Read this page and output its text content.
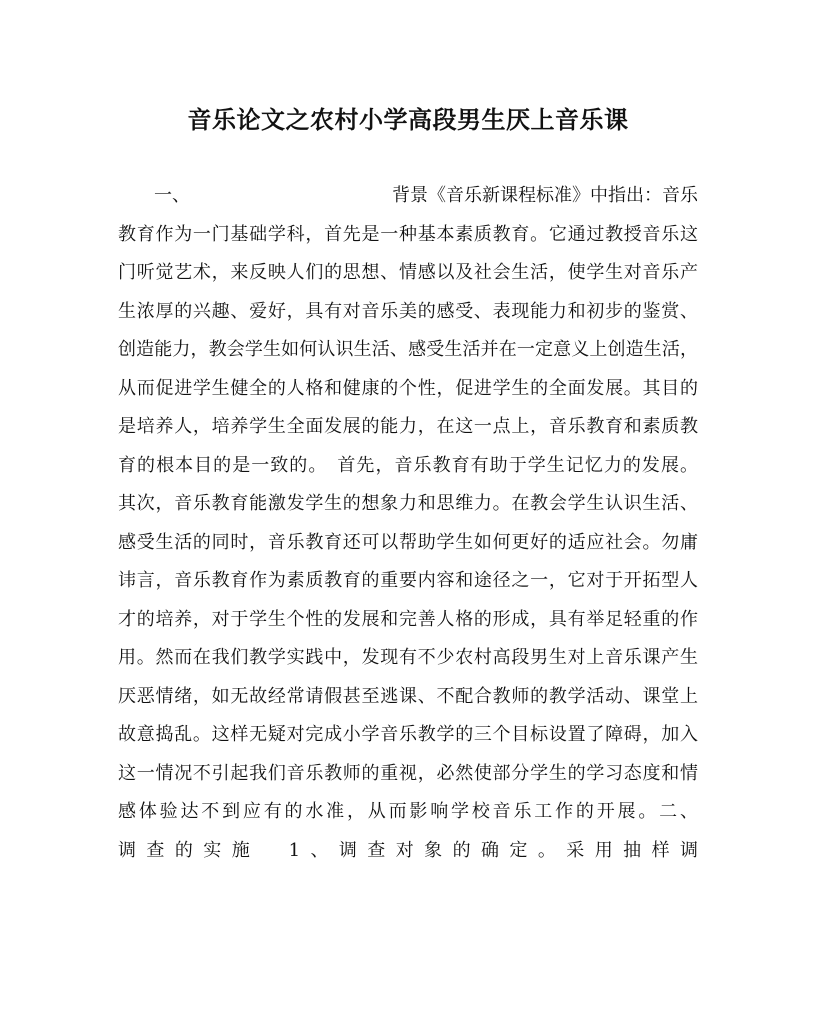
音乐论文之农村小学高段男生厌上音乐课
一、	背景《音乐新课程标准》中指出：音乐
教育作为一门基础学科，首先是一种基本素质教育。它通过教授音乐这
门听觉艺术，来反映人们的思想、情感以及社会生活，使学生对音乐产
生浓厚的兴趣、爱好，具有对音乐美的感受、表现能力和初步的鉴赏、
创造能力，教会学生如何认识生活、感受生活并在一定意义上创造生活，
从而促进学生健全的人格和健康的个性，促进学生的全面发展。其目的
是培养人，培养学生全面发展的能力，在这一点上，音乐教育和素质教
育的根本目的是一致的。　首先，音乐教育有助于学生记忆力的发展。
其次，音乐教育能激发学生的想象力和思维力。在教会学生认识生活、
感受生活的同时，音乐教育还可以帮助学生如何更好的适应社会。勿庸
讳言，音乐教育作为素质教育的重要内容和途径之一，它对于开拓型人
才的培养，对于学生个性的发展和完善人格的形成，具有举足轻重的作
用。然而在我们教学实践中，发现有不少农村高段男生对上音乐课产生
厌恶情绪，如无故经常请假甚至逃课、不配合教师的教学活动、课堂上
故意捣乱。这样无疑对完成小学音乐教学的三个目标设置了障碍，加入
这一情况不引起我们音乐教师的重视，必然使部分学生的学习态度和情
感体验达不到应有的水准，从而影响学校音乐工作的开展。二、
调查的实施　1、调查对象的确定。采用抽样调
